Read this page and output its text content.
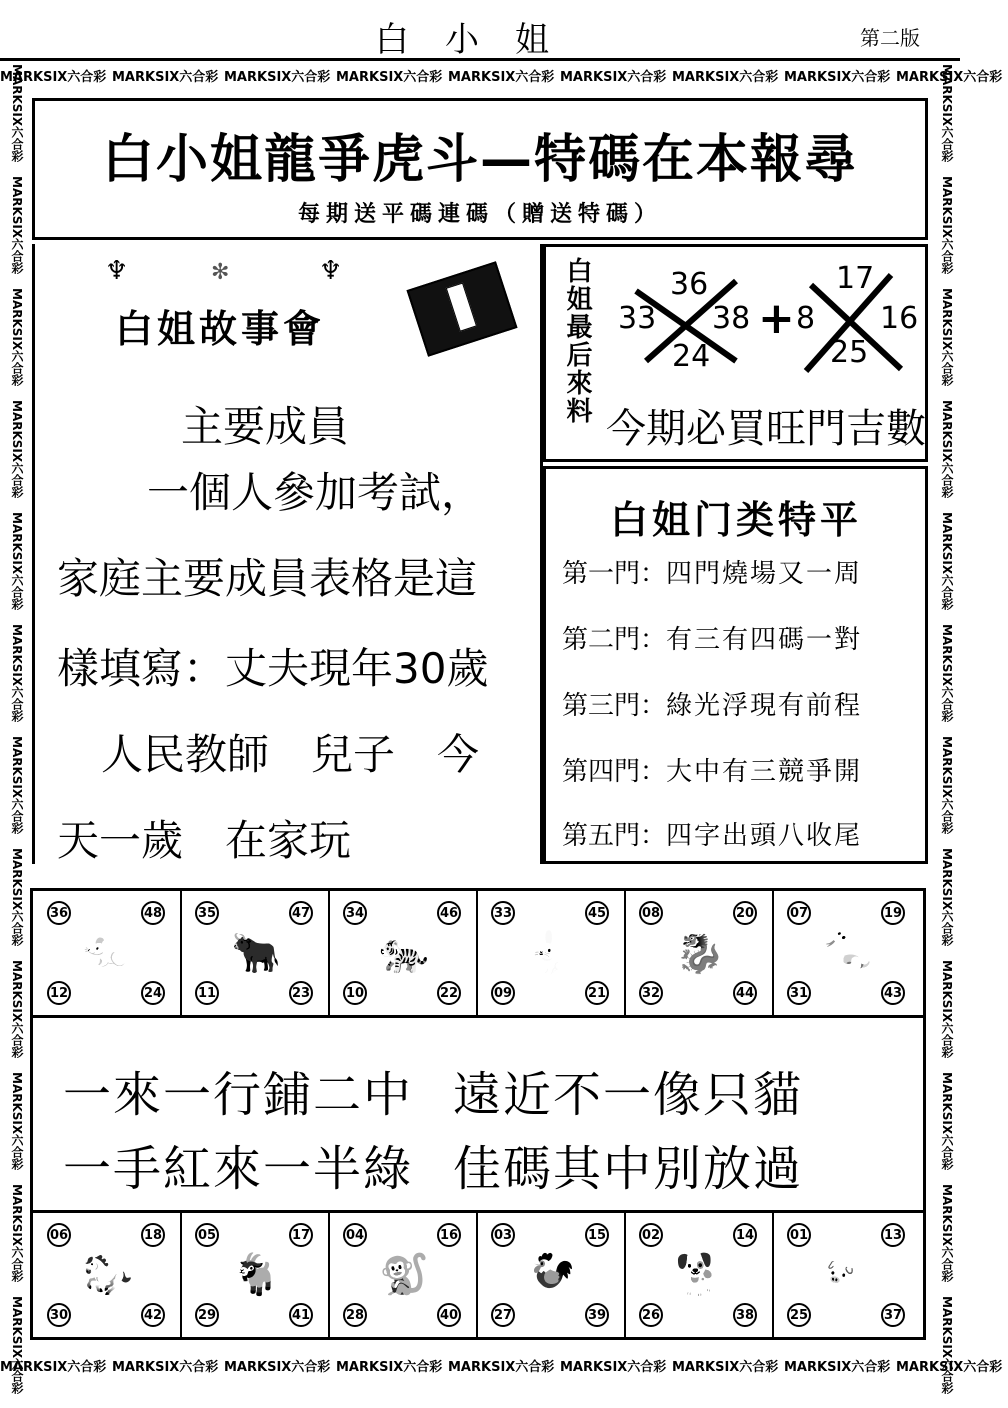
白小姐	第二版
MARKSIX六合彩 MARKSIX六合彩 MARKSIX六合彩 MARKSIX六合彩 MARKSIX六合彩 MARKSIX六合彩 MARKSIX六合彩 MARKSIX六合彩 MARKSIX六合彩
MARKSIX六合彩 MARKSIX六合彩 MARKSIX六合彩 MARKSIX六合彩 MARKSIX六合彩 MARKSIX六合彩 MARKSIX六合彩 MARKSIX六合彩 MARKSIX六合彩
MARKSIX六合彩MARKSIX六合彩MARKSIX六合彩MARKSIX六合彩MARKSIX六合彩MARKSIX六合彩MARKSIX六合彩MARKSIX六合彩MARKSIX六合彩MARKSIX六合彩MARKSIX六合彩MARKSIX六合彩
MARKSIX六合彩MARKSIX六合彩MARKSIX六合彩MARKSIX六合彩MARKSIX六合彩MARKSIX六合彩MARKSIX六合彩MARKSIX六合彩MARKSIX六合彩MARKSIX六合彩MARKSIX六合彩MARKSIX六合彩
白小姐龍爭虎斗—特碼在本報尋
每期送平碼連碼（贈送特碼）
♆	✻	♆
白姐故事會
主要成員
一個人參加考試，
家庭主要成員表格是這
樣填寫：丈夫現年30歲
人民教師　兒子　今
天一歲　在家玩
白姐最后來料	36
33 38
24
+
17
8 16
25
今期必買旺門吉數
白姐门类特平
第一門：四門燒場又一周
第二門：有三有四碼一對
第三門：綠光浮現有前程
第四門：大中有三競爭開
第五門：四字出頭八收尾
36	48
12	24
🐀
35	47
11	23
🐂
34	46
10	22
🐅
33	45
09	21
🐇
08	20
32	44
🐉
07	19
31	43
🐍
一來一行鋪二中 遠近不一像只貓
一手紅來一半綠 佳碼其中別放過
06	18
30	42
🐎
05	17
29	41
🐐
04	16
28	40
🐒
03	15
27	39
🐓
02	14
26	38
🐕
01	13
25	37
🐖
